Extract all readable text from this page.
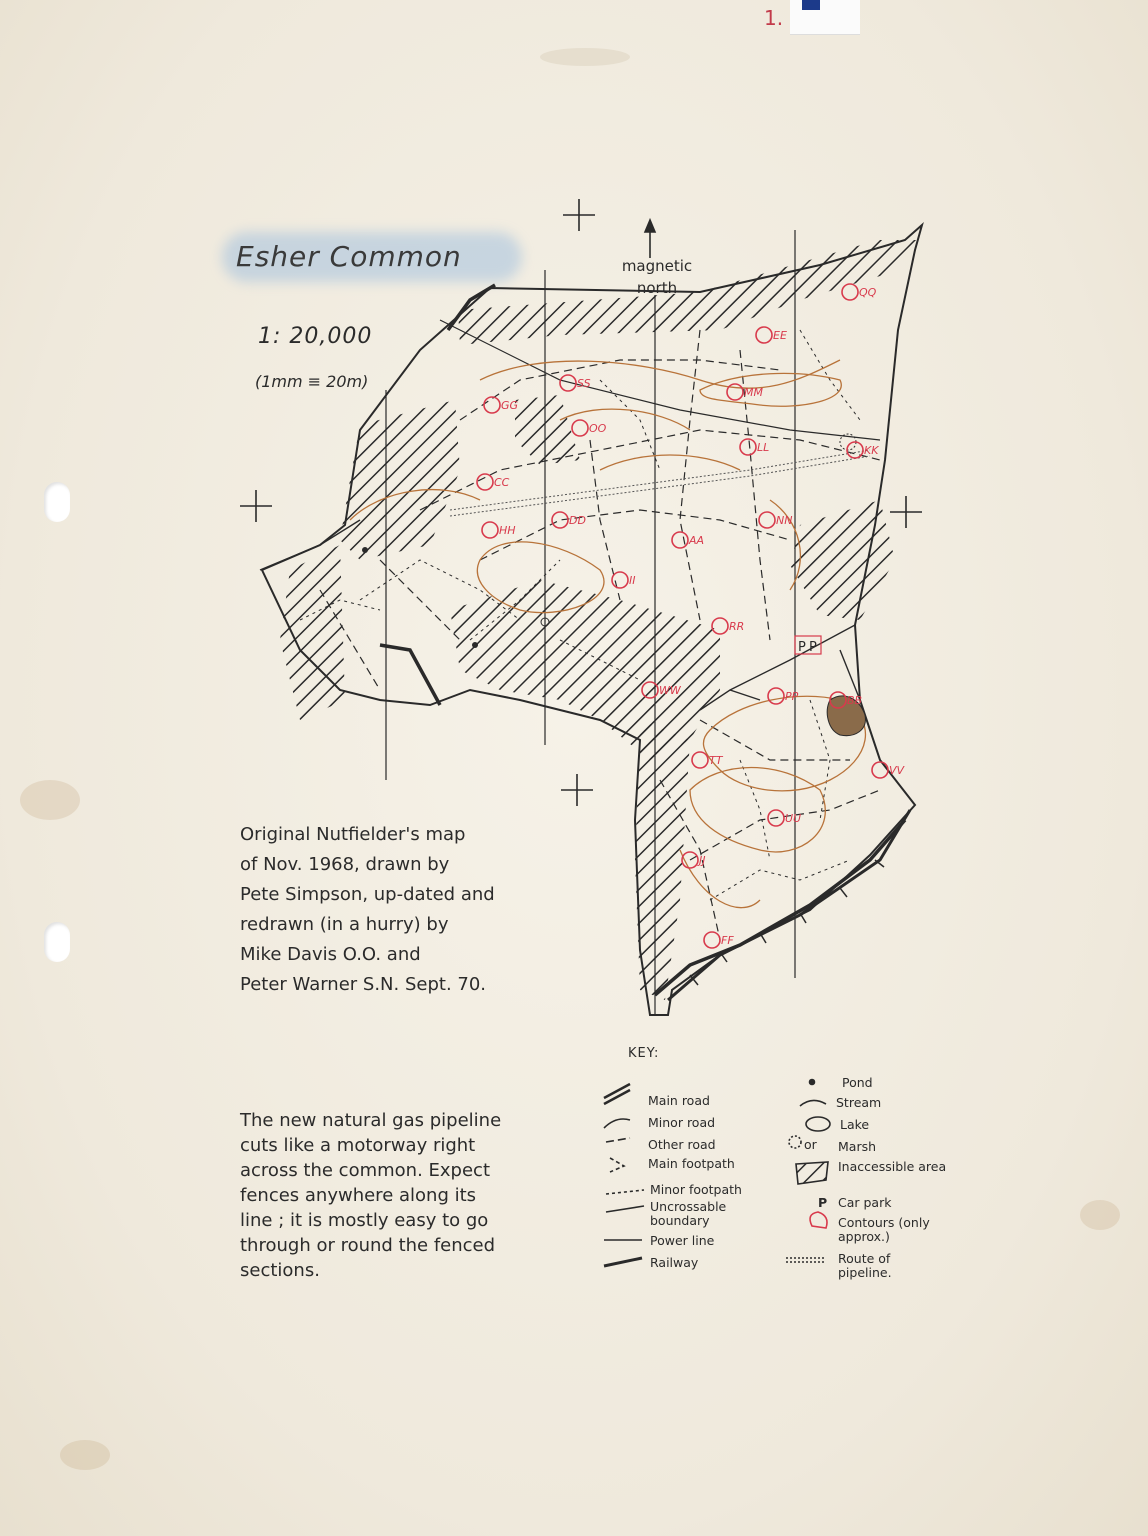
1.
Esher Common
1: 20,000
(1mm ≡ 20m)
magnetic
north
P P
GG
EE
MM
LL	KK
NN
HH
SS
OO
QQ
RR
TT
UU
VV
JJ
PP	BB
FF
CC
DD
AA
II
WW
Original Nutfielder's map
of Nov. 1968, drawn by
Pete Simpson, up-dated and
redrawn (in a hurry) by
Mike Davis O.O. and
Peter Warner S.N. Sept. 70.
The new natural gas pipeline
cuts like a motorway right
across the common. Expect
fences anywhere along its
line ; it is mostly easy to go
through or round the fenced
sections.
KEY:
Main road
Minor road
Other road
Main footpath
Minor footpath
Uncrossable boundary
Power line
Railway
Pond
Stream
Lake
or Marsh
Inaccessible area
P Car park
Contours (only approx.)
Route of pipeline.
